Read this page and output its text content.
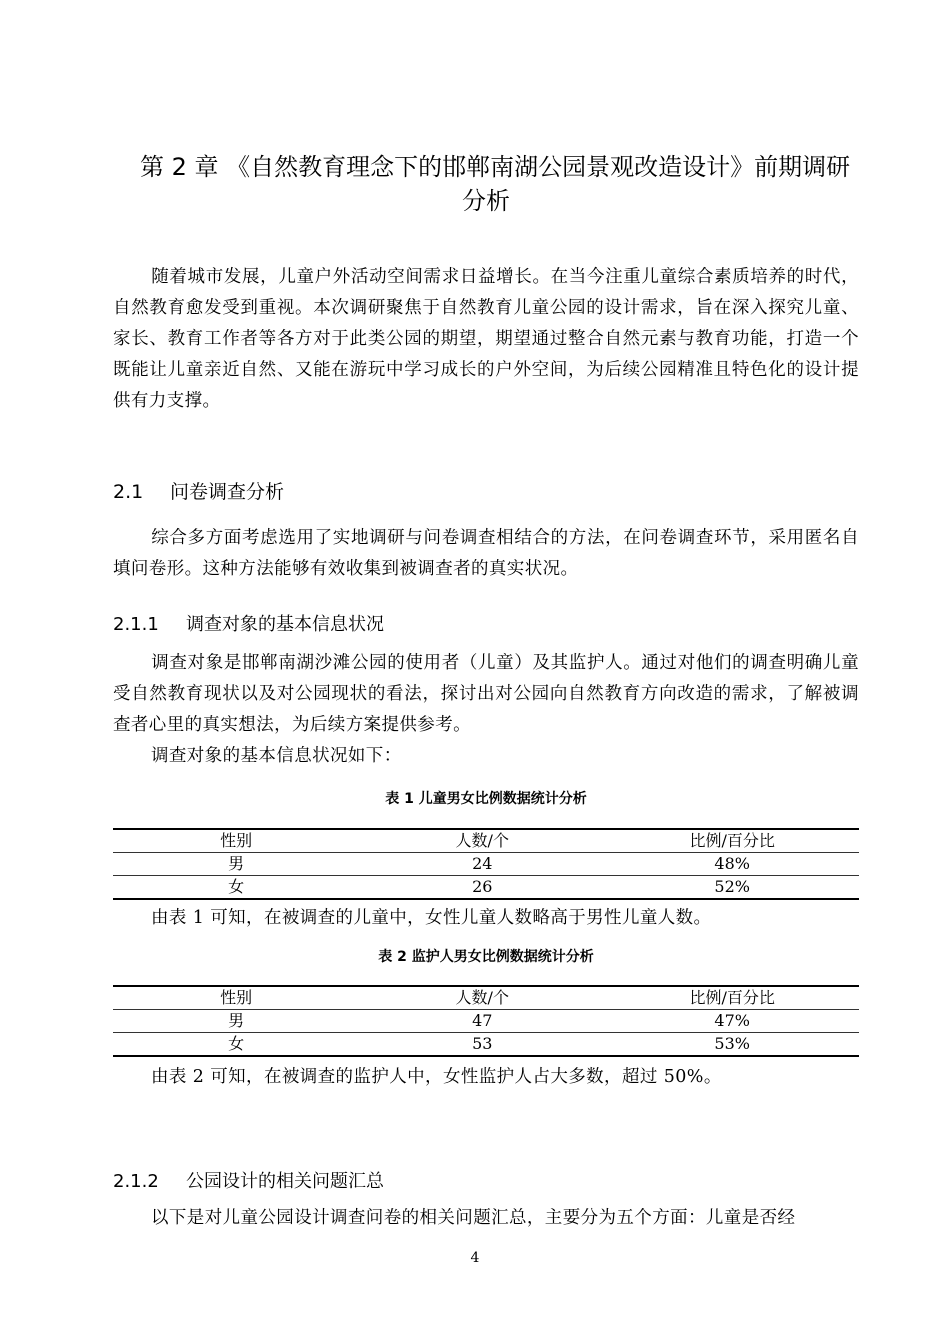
第 2 章 《自然教育理念下的邯郸南湖公园景观改造设计》前期调研
分析

随着城市发展，儿童户外活动空间需求日益增长。在当今注重儿童综合素质培养的时代，自然教育愈发受到重视。本次调研聚焦于自然教育儿童公园的设计需求，旨在深入探究儿童、家长、教育工作者等各方对于此类公园的期望，期望通过整合自然元素与教育功能，打造一个既能让儿童亲近自然、又能在游玩中学习成长的户外空间，为后续公园精准且特色化的设计提供有力支撑。

2.1 问卷调查分析

综合多方面考虑选用了实地调研与问卷调查相结合的方法，在问卷调查环节，采用匿名自填问卷形。这种方法能够有效收集到被调查者的真实状况。

2.1.1 调查对象的基本信息状况

调查对象是邯郸南湖沙滩公园的使用者（儿童）及其监护人。通过对他们的调查明确儿童受自然教育现状以及对公园现状的看法，探讨出对公园向自然教育方向改造的需求，了解被调查者心里的真实想法，为后续方案提供参考。

调查对象的基本信息状况如下：

表 1 儿童男女比例数据统计分析
性别	人数/个	比例/百分比
男	24	48%
女	26	52%

由表 1 可知，在被调查的儿童中，女性儿童人数略高于男性儿童人数。

表 2 监护人男女比例数据统计分析
性别	人数/个	比例/百分比
男	47	47%
女	53	53%

由表 2 可知，在被调查的监护人中，女性监护人占大多数，超过 50%。

2.1.2 公园设计的相关问题汇总

以下是对儿童公园设计调查问卷的相关问题汇总，主要分为五个方面：儿童是否经

4
